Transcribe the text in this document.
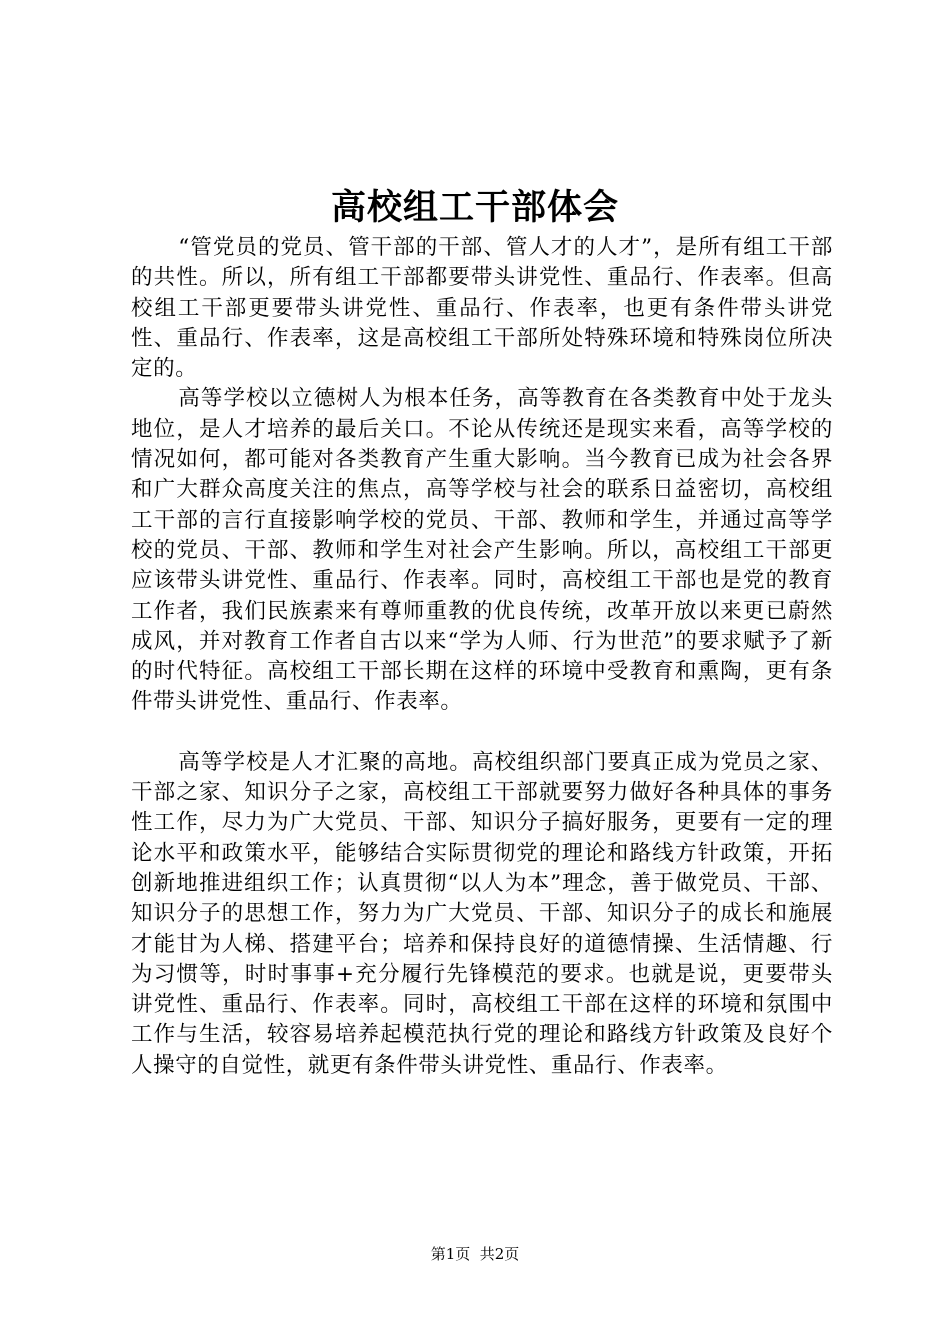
高校组工干部体会

“管党员的党员、管干部的干部、管人才的人才”，是所有组工干部的共性。所以，所有组工干部都要带头讲党性、重品行、作表率。但高校组工干部更要带头讲党性、重品行、作表率，也更有条件带头讲党性、重品行、作表率，这是高校组工干部所处特殊环境和特殊岗位所决定的。

高等学校以立德树人为根本任务，高等教育在各类教育中处于龙头地位，是人才培养的最后关口。不论从传统还是现实来看，高等学校的情况如何，都可能对各类教育产生重大影响。当今教育已成为社会各界和广大群众高度关注的焦点，高等学校与社会的联系日益密切，高校组工干部的言行直接影响学校的党员、干部、教师和学生，并通过高等学校的党员、干部、教师和学生对社会产生影响。所以，高校组工干部更应该带头讲党性、重品行、作表率。同时，高校组工干部也是党的教育工作者，我们民族素来有尊师重教的优良传统，改革开放以来更已蔚然成风，并对教育工作者自古以来“学为人师、行为世范”的要求赋予了新的时代特征。高校组工干部长期在这样的环境中受教育和熏陶，更有条件带头讲党性、重品行、作表率。

高等学校是人才汇聚的高地。高校组织部门要真正成为党员之家、干部之家、知识分子之家，高校组工干部就要努力做好各种具体的事务性工作，尽力为广大党员、干部、知识分子搞好服务，更要有一定的理论水平和政策水平，能够结合实际贯彻党的理论和路线方针政策，开拓创新地推进组织工作；认真贯彻“以人为本”理念，善于做党员、干部、知识分子的思想工作，努力为广大党员、干部、知识分子的成长和施展才能甘为人梯、搭建平台；培养和保持良好的道德情操、生活情趣、行为习惯等，时时事事+充分履行先锋模范的要求。也就是说，更要带头讲党性、重品行、作表率。同时，高校组工干部在这样的环境和氛围中工作与生活，较容易培养起模范执行党的理论和路线方针政策及良好个人操守的自觉性，就更有条件带头讲党性、重品行、作表率。

第1页  共2页
